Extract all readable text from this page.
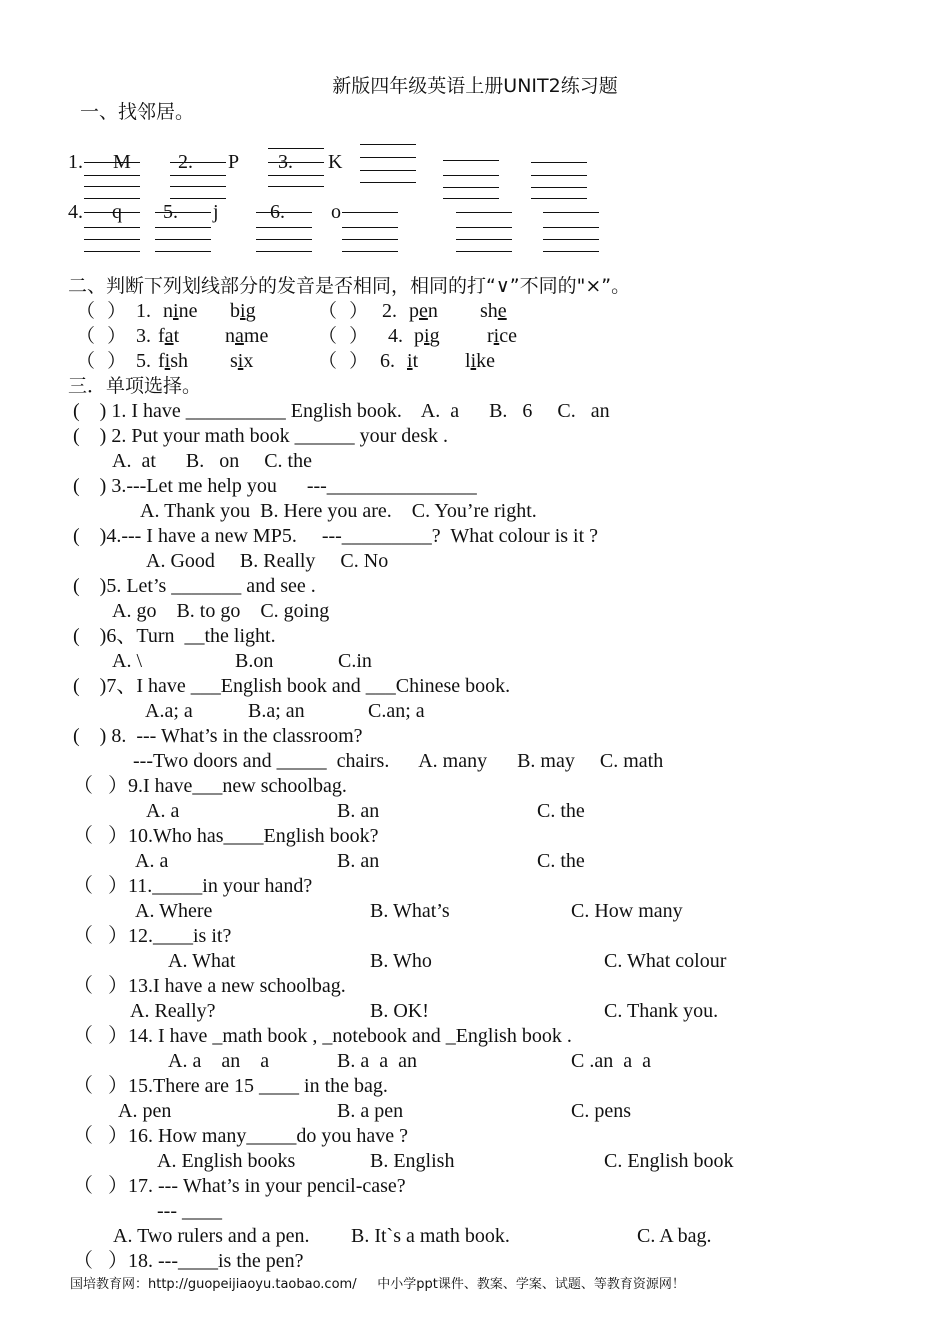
新版四年级英语上册UNIT2练习题
一、找邻居。
1. M 2. P 3. K
4. q 5. j	6. o
二、判断下列划线部分的发音是否相同，相同的打“∨”不同的"×”。
（  ） 1. nine big	（  ） 2. pen she
（  ） 3. fat name	（  ） 4. pig rice
（  ） 5. fish six	（  ） 6. it like
三．单项选择。
(    ) 1. I have __________ English book.    A.  a      B.   6     C.   an
(    ) 2. Put your math book ______ your desk .
A.  at      B.   on     C. the
(    ) 3.---Let me help you      ---_______________
A. Thank you  B. Here you are.    C. You’re right.
(    )4.--- I have a new MP5.     ---_________?  What colour is it ?
A. Good     B. Really     C. No
(    )5. Let’s _______ and see .
A. go    B. to go    C. going
(    )6、Turn  __the light.
A. \	B.on	C.in
(    )7、I have ___English book and ___Chinese book.
A.a; a	B.a; an	C.an; a
(    ) 8.  --- What’s in the classroom?
---Two doors and _____  chairs.      A. many      B. may     C. math
（   ）9.I have___new schoolbag.
A. a	B. an	C. the
（   ）10.Who has____English book?
A. a	B. an	C. the
（   ）11._____in your hand?
A. Where	B. What’s	C. How many
（   ）12.____is it?
A. What	B. Who	C. What colour
（   ）13.I have a new schoolbag.
A. Really?	B. OK!	C. Thank you.
（   ）14. I have _math book , _notebook and _English book .
A. a    an    a	B. a  a  an	C .an  a  a
（   ）15.There are 15 ____ in the bag.
A. pen	B. a pen	C. pens
（   ）16. How many_____do you have ?
A. English books	B. English	C. English book
（   ）17. --- What’s in your pencil-case?
--- ____
A. Two rulers and a pen. B. It`s a math book.	C. A bag.
（   ）18. ---____is the pen?
国培教育网：http://guopeijiaoyu.taobao.com/     中小学ppt课件、教案、学案、试题、等教育资源网！
